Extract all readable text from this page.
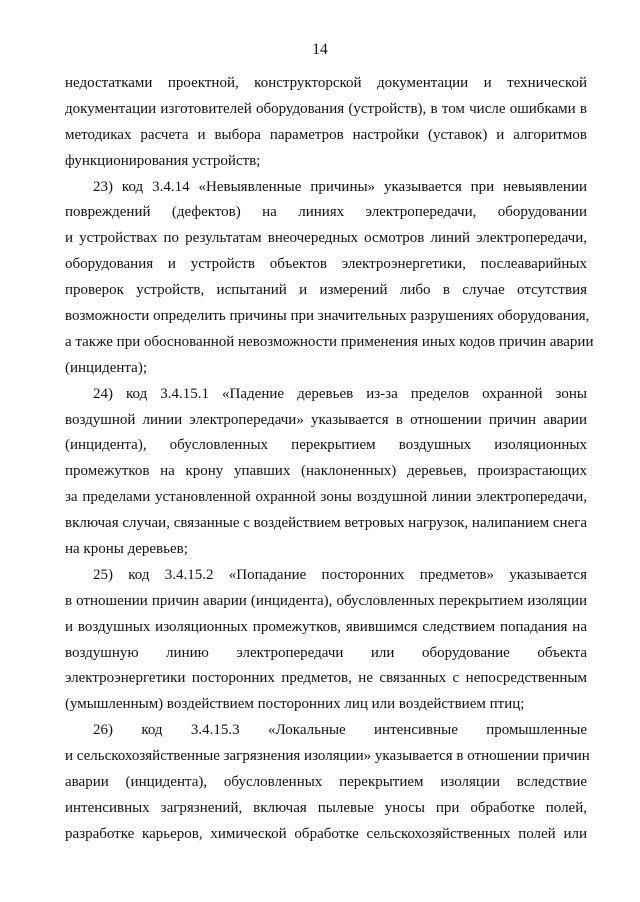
14
недостатками проектной, конструкторской документации и технической
документации изготовителей оборудования (устройств), в том числе ошибками в
методиках расчета и выбора параметров настройки (уставок) и алгоритмов
функционирования устройств;
23) код 3.4.14 «Невыявленные причины» указывается при невыявлении
повреждений (дефектов) на линиях электропередачи, оборудовании
и устройствах по результатам внеочередных осмотров линий электропередачи,
оборудования и устройств объектов электроэнергетики, послеаварийных
проверок устройств, испытаний и измерений либо в случае отсутствия
возможности определить причины при значительных разрушениях оборудования,
а также при обоснованной невозможности применения иных кодов причин аварии
(инцидента);
24) код 3.4.15.1 «Падение деревьев из-за пределов охранной зоны
воздушной линии электропередачи» указывается в отношении причин аварии
(инцидента), обусловленных перекрытием воздушных изоляционных
промежутков на крону упавших (наклоненных) деревьев, произрастающих
за пределами установленной охранной зоны воздушной линии электропередачи,
включая случаи, связанные с воздействием ветровых нагрузок, налипанием снега
на кроны деревьев;
25) код 3.4.15.2 «Попадание посторонних предметов» указывается
в отношении причин аварии (инцидента), обусловленных перекрытием изоляции
и воздушных изоляционных промежутков, явившимся следствием попадания на
воздушную линию электропередачи или оборудование объекта
электроэнергетики посторонних предметов, не связанных с непосредственным
(умышленным) воздействием посторонних лиц или воздействием птиц;
26) код 3.4.15.3 «Локальные интенсивные промышленные
и сельскохозяйственные загрязнения изоляции» указывается в отношении причин
аварии (инцидента), обусловленных перекрытием изоляции вследствие
интенсивных загрязнений, включая пылевые уносы при обработке полей,
разработке карьеров, химической обработке сельскохозяйственных полей или
